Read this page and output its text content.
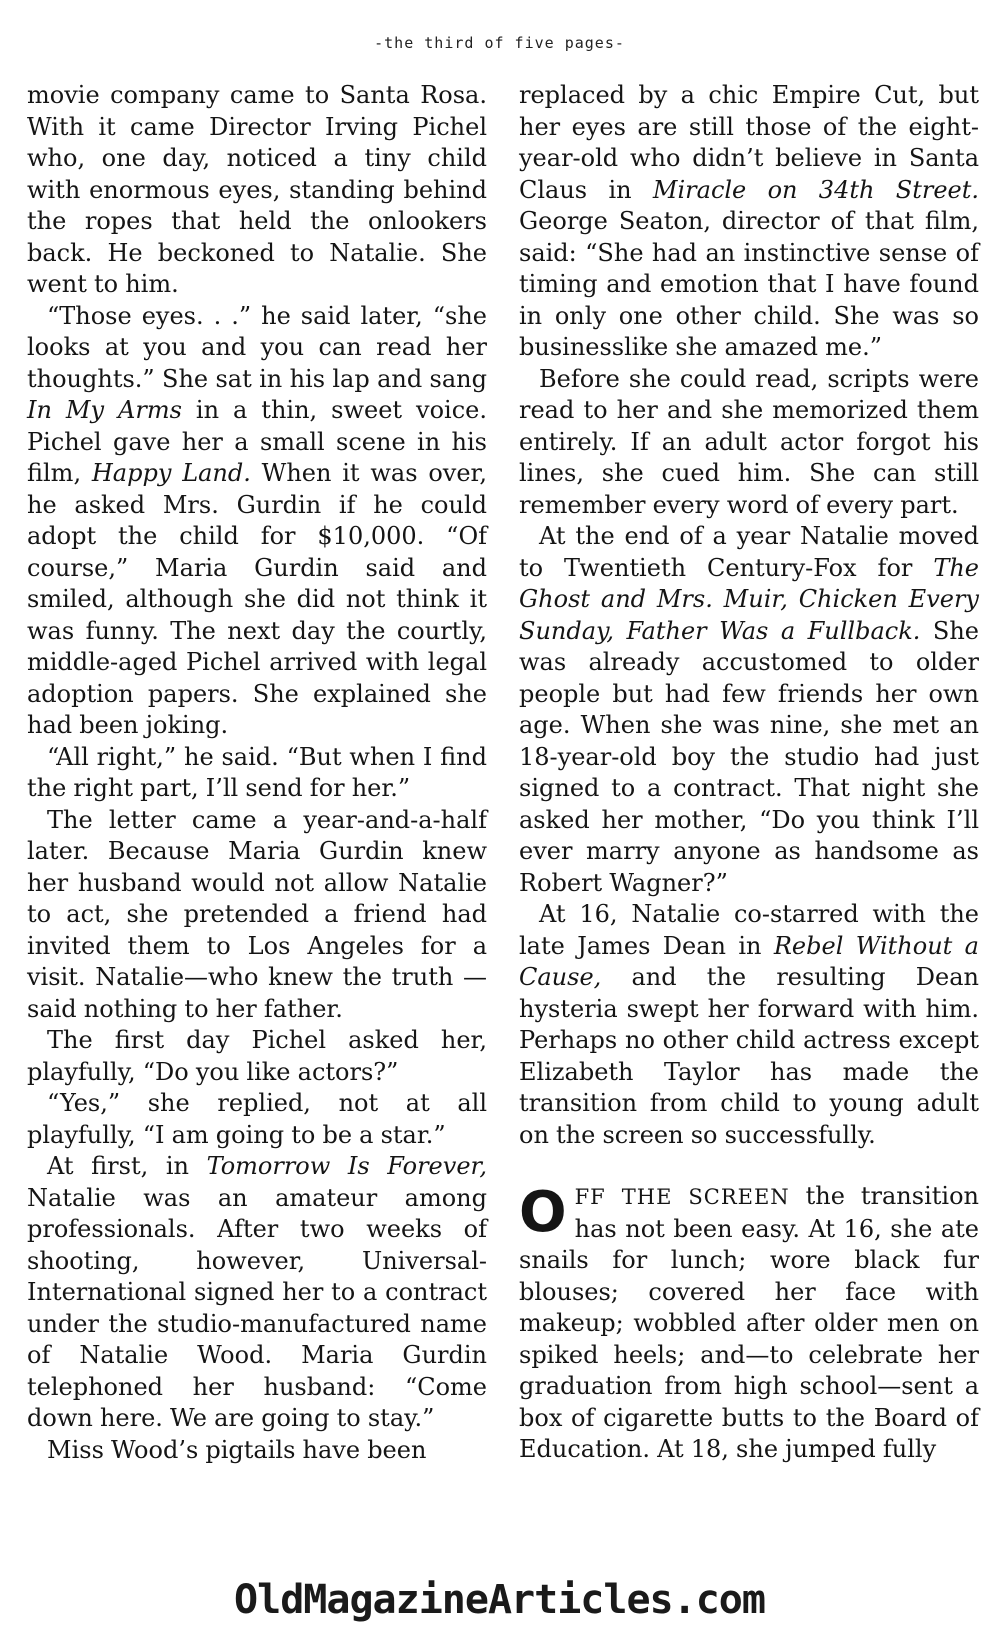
-the third of five pages-

movie company came to Santa Rosa. With it came Director Irving Pichel who, one day, noticed a tiny child with enormous eyes, standing behind the ropes that held the onlookers back. He beckoned to Natalie. She went to him.

“Those eyes. . .” he said later, “she looks at you and you can read her thoughts.” She sat in his lap and sang In My Arms in a thin, sweet voice. Pichel gave her a small scene in his film, Happy Land. When it was over, he asked Mrs. Gurdin if he could adopt the child for $10,000. “Of course,” Maria Gurdin said and smiled, although she did not think it was funny. The next day the courtly, middle-aged Pichel arrived with legal adoption papers. She explained she had been joking.

“All right,” he said. “But when I find the right part, I’ll send for her.”

The letter came a year-and-a-half later. Because Maria Gurdin knew her husband would not allow Natalie to act, she pretended a friend had invited them to Los Angeles for a visit. Natalie—who knew the truth —said nothing to her father.

The first day Pichel asked her, playfully, “Do you like actors?”

“Yes,” she replied, not at all playfully, “I am going to be a star.”

At first, in Tomorrow Is Forever, Natalie was an amateur among professionals. After two weeks of shooting, however, Universal-International signed her to a contract under the studio-manufactured name of Natalie Wood. Maria Gurdin telephoned her husband: “Come down here. We are going to stay.”

Miss Wood’s pigtails have been

replaced by a chic Empire Cut, but her eyes are still those of the eight-year-old who didn’t believe in Santa Claus in Miracle on 34th Street. George Seaton, director of that film, said: “She had an instinctive sense of timing and emotion that I have found in only one other child. She was so businesslike she amazed me.”

Before she could read, scripts were read to her and she memorized them entirely. If an adult actor forgot his lines, she cued him. She can still remember every word of every part.

At the end of a year Natalie moved to Twentieth Century-Fox for The Ghost and Mrs. Muir, Chicken Every Sunday, Father Was a Fullback. She was already accustomed to older people but had few friends her own age. When she was nine, she met an 18-year-old boy the studio had just signed to a contract. That night she asked her mother, “Do you think I’ll ever marry anyone as handsome as Robert Wagner?”

At 16, Natalie co-starred with the late James Dean in Rebel Without a Cause, and the resulting Dean hysteria swept her forward with him. Perhaps no other child actress except Elizabeth Taylor has made the transition from child to young adult on the screen so successfully.

OFF THE SCREEN the transition has not been easy. At 16, she ate snails for lunch; wore black fur blouses; covered her face with makeup; wobbled after older men on spiked heels; and—to celebrate her graduation from high school—sent a box of cigarette butts to the Board of Education. At 18, she jumped fully

OldMagazineArticles.com
